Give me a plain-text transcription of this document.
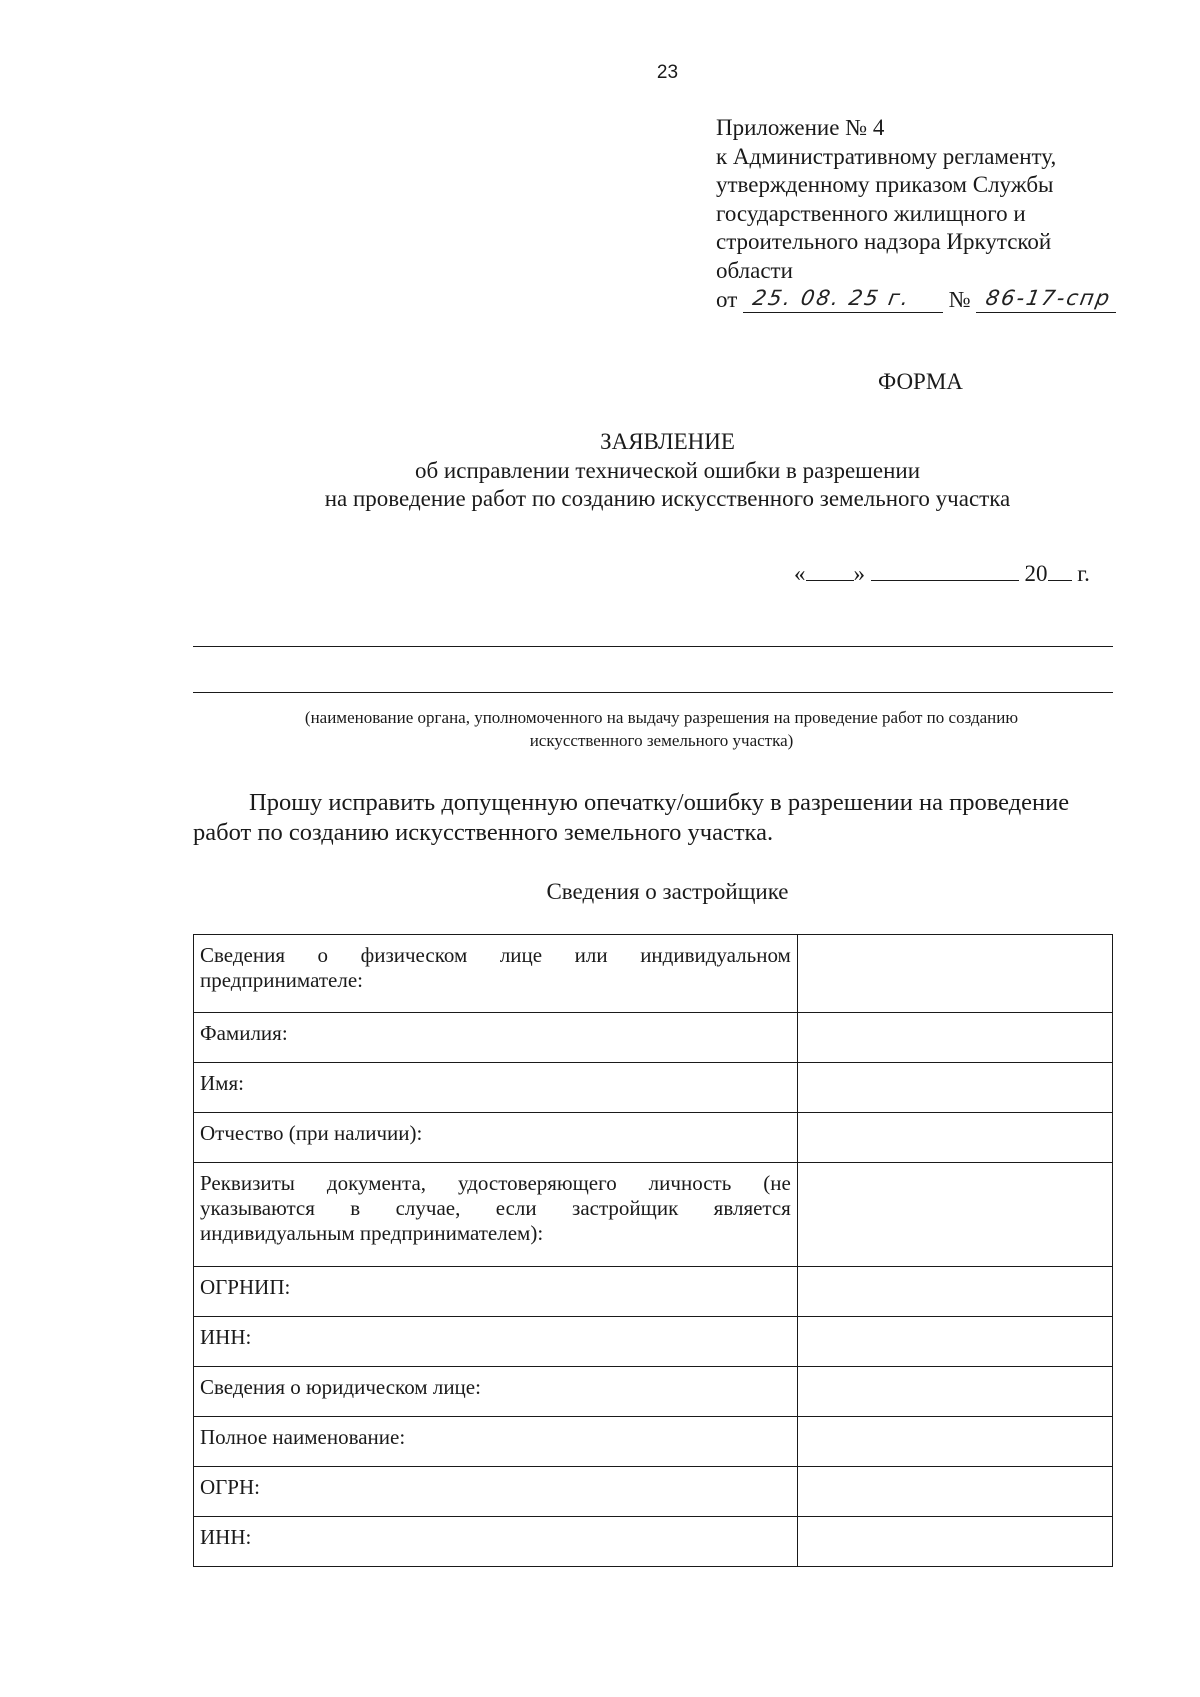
23
Приложение № 4
к Административному регламенту,
утвержденному приказом Службы
государственного жилищного и
строительного надзора Иркутской
области
от 25. 08. 25 г. № 86-17-спр
ФОРМА
ЗАЯВЛЕНИЕ
об исправлении технической ошибки в разрешении
на проведение работ по созданию искусственного земельного участка
« »	20 г.
(наименование органа, уполномоченного на выдачу разрешения на проведение работ по созданию
искусственного земельного участка)
Прошу исправить допущенную опечатку/ошибку в разрешении на проведение
работ по созданию искусственного земельного участка.
Сведения о застройщике
Сведения о физическом лице или индивидуальном предпринимателе:	

Фамилия:	

Имя:	

Отчество (при наличии):	

Реквизиты документа, удостоверяющего личность (не указываются в случае, если застройщик является индивидуальным предпринимателем):	

ОГРНИП:	

ИНН:	

Сведения о юридическом лице:	

Полное наименование:	

ОГРН:	

ИНН:	
